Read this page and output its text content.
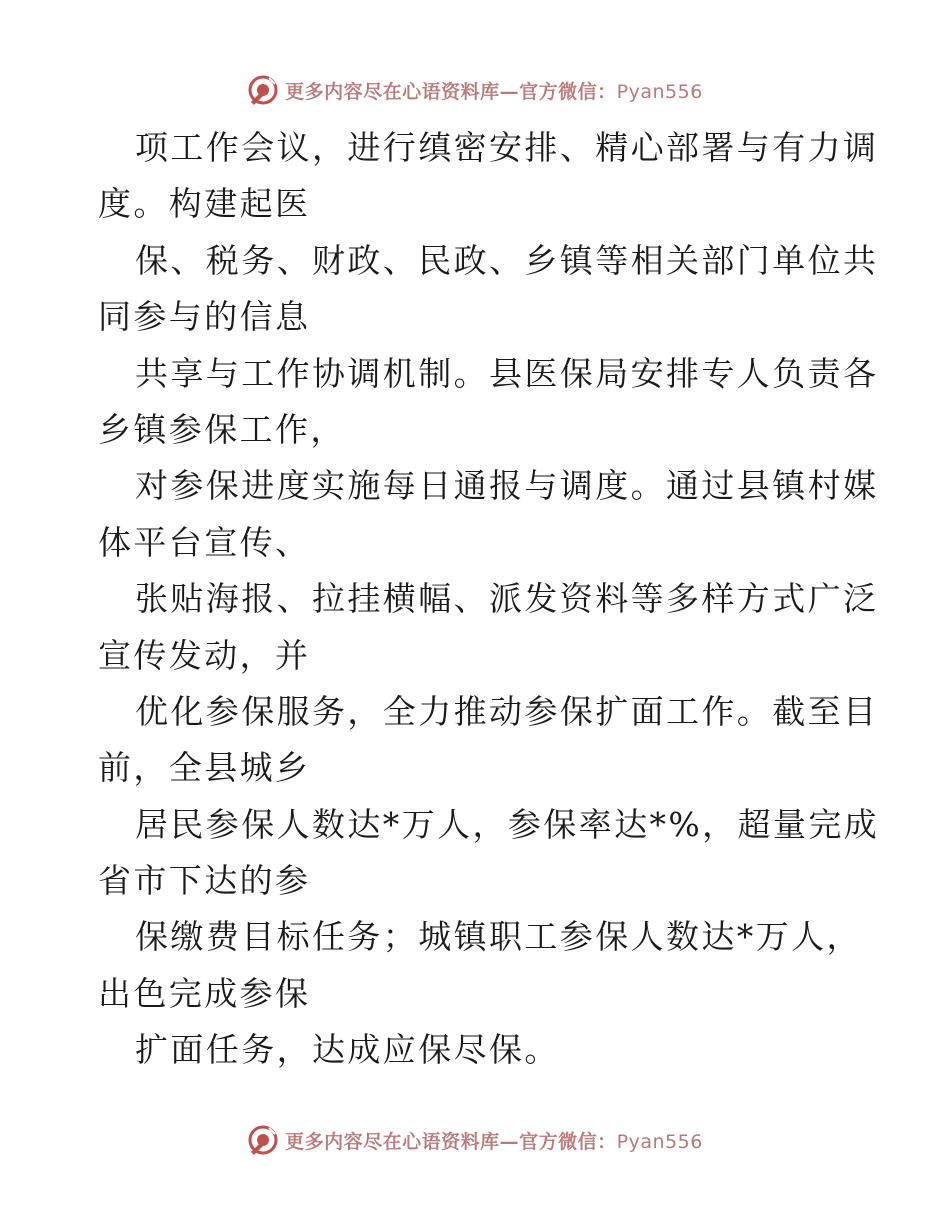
更多内容尽在心语资料库—官方微信：Pyan556
项工作会议，进行缜密安排、精心部署与有力调
度。构建起医
保、税务、财政、民政、乡镇等相关部门单位共
同参与的信息
共享与工作协调机制。县医保局安排专人负责各
乡镇参保工作，
对参保进度实施每日通报与调度。通过县镇村媒
体平台宣传、
张贴海报、拉挂横幅、派发资料等多样方式广泛
宣传发动，并
优化参保服务，全力推动参保扩面工作。截至目
前，全县城乡
居民参保人数达*万人，参保率达*%，超量完成
省市下达的参
保缴费目标任务；城镇职工参保人数达*万人，
出色完成参保
扩面任务，达成应保尽保。
更多内容尽在心语资料库—官方微信：Pyan556
